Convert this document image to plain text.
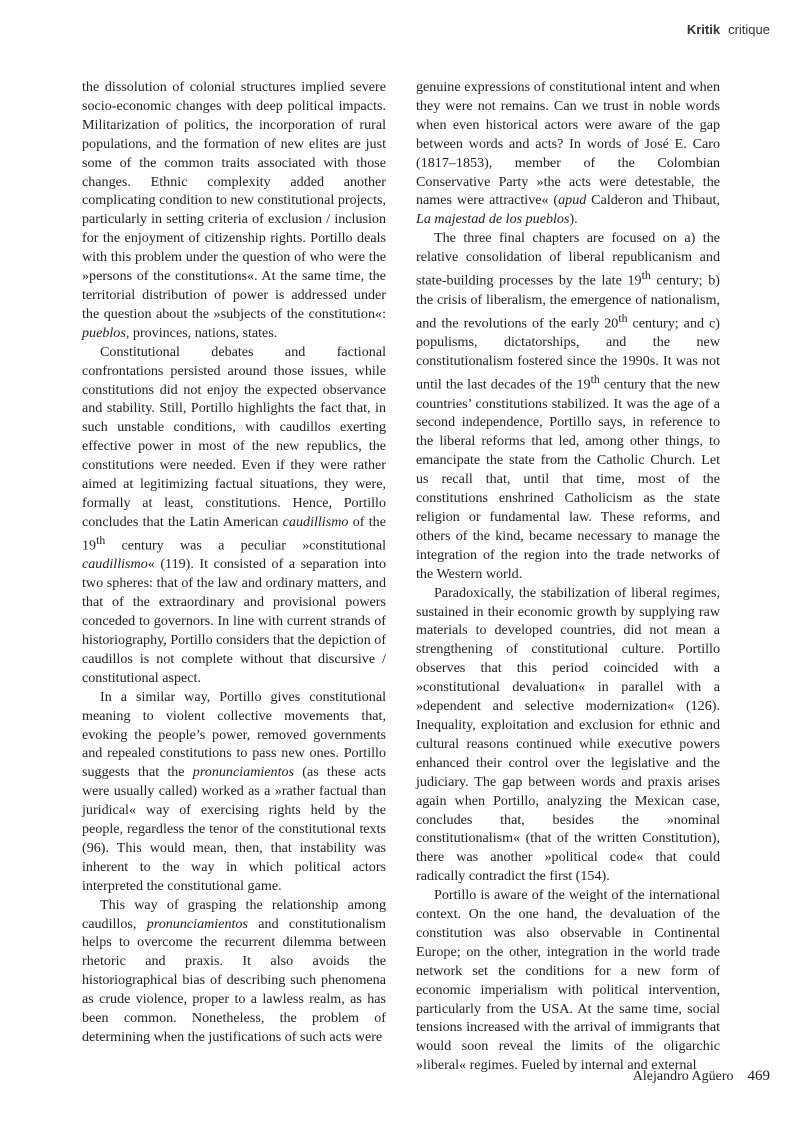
Kritik critique

the dissolution of colonial structures implied severe socio-economic changes with deep political impacts. Militarization of politics, the incorporation of rural populations, and the formation of new elites are just some of the common traits associated with those changes. Ethnic complexity added another complicating condition to new constitutional projects, particularly in setting criteria of exclusion / inclusion for the enjoyment of citizenship rights. Portillo deals with this problem under the question of who were the »persons of the constitutions«. At the same time, the territorial distribution of power is addressed under the question about the »subjects of the constitution«: pueblos, provinces, nations, states.

Constitutional debates and factional confrontations persisted around those issues, while constitutions did not enjoy the expected observance and stability. Still, Portillo highlights the fact that, in such unstable conditions, with caudillos exerting effective power in most of the new republics, the constitutions were needed. Even if they were rather aimed at legitimizing factual situations, they were, formally at least, constitutions. Hence, Portillo concludes that the Latin American caudillismo of the 19th century was a peculiar »constitutional caudillismo« (119). It consisted of a separation into two spheres: that of the law and ordinary matters, and that of the extraordinary and provisional powers conceded to governors. In line with current strands of historiography, Portillo considers that the depiction of caudillos is not complete without that discursive / constitutional aspect.

In a similar way, Portillo gives constitutional meaning to violent collective movements that, evoking the people’s power, removed governments and repealed constitutions to pass new ones. Portillo suggests that the pronunciamientos (as these acts were usually called) worked as a »rather factual than juridical« way of exercising rights held by the people, regardless the tenor of the constitutional texts (96). This would mean, then, that instability was inherent to the way in which political actors interpreted the constitutional game.

This way of grasping the relationship among caudillos, pronunciamientos and constitutionalism helps to overcome the recurrent dilemma between rhetoric and praxis. It also avoids the historiographical bias of describing such phenomena as crude violence, proper to a lawless realm, as has been common. Nonetheless, the problem of determining when the justifications of such acts were

genuine expressions of constitutional intent and when they were not remains. Can we trust in noble words when even historical actors were aware of the gap between words and acts? In words of José E. Caro (1817–1853), member of the Colombian Conservative Party »the acts were detestable, the names were attractive« (apud Calderon and Thibaut, La majestad de los pueblos).

The three final chapters are focused on a) the relative consolidation of liberal republicanism and state-building processes by the late 19th century; b) the crisis of liberalism, the emergence of nationalism, and the revolutions of the early 20th century; and c) populisms, dictatorships, and the new constitutionalism fostered since the 1990s. It was not until the last decades of the 19th century that the new countries’ constitutions stabilized. It was the age of a second independence, Portillo says, in reference to the liberal reforms that led, among other things, to emancipate the state from the Catholic Church. Let us recall that, until that time, most of the constitutions enshrined Catholicism as the state religion or fundamental law. These reforms, and others of the kind, became necessary to manage the integration of the region into the trade networks of the Western world.

Paradoxically, the stabilization of liberal regimes, sustained in their economic growth by supplying raw materials to developed countries, did not mean a strengthening of constitutional culture. Portillo observes that this period coincided with a »constitutional devaluation« in parallel with a »dependent and selective modernization« (126). Inequality, exploitation and exclusion for ethnic and cultural reasons continued while executive powers enhanced their control over the legislative and the judiciary. The gap between words and praxis arises again when Portillo, analyzing the Mexican case, concludes that, besides the »nominal constitutionalism« (that of the written Constitution), there was another »political code« that could radically contradict the first (154).

Portillo is aware of the weight of the international context. On the one hand, the devaluation of the constitution was also observable in Continental Europe; on the other, integration in the world trade network set the conditions for a new form of economic imperialism with political intervention, particularly from the USA. At the same time, social tensions increased with the arrival of immigrants that would soon reveal the limits of the oligarchic »liberal« regimes. Fueled by internal and external

Alejandro Agüero 469
